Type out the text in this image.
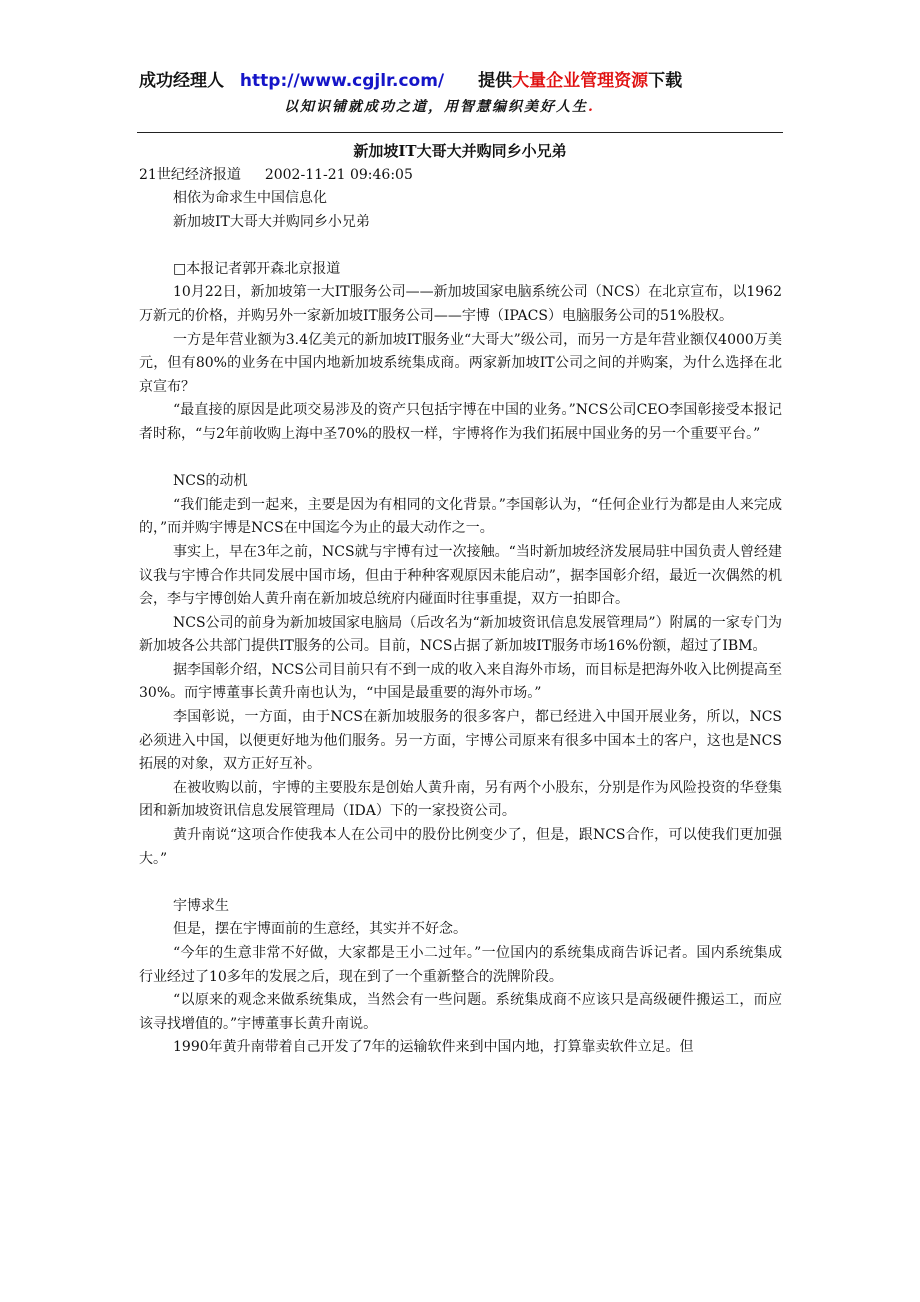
成功经理人 http://www.cgjlr.com/ 提供大量企业管理资源下载
以知识铺就成功之道，用智慧编织美好人生.
新加坡IT大哥大并购同乡小兄弟
21世纪经济报道 2002-11-21 09:46:05

相依为命求生中国信息化

新加坡IT大哥大并购同乡小兄弟

□本报记者郭开森北京报道

10月22日，新加坡第一大IT服务公司——新加坡国家电脑系统公司（NCS）在北京宣布，以1962万新元的价格，并购另外一家新加坡IT服务公司——宇博（IPACS）电脑服务公司的51%股权。

一方是年营业额为3.4亿美元的新加坡IT服务业“大哥大”级公司，而另一方是年营业额仅4000万美元，但有80%的业务在中国内地新加坡系统集成商。两家新加坡IT公司之间的并购案，为什么选择在北京宣布？

“最直接的原因是此项交易涉及的资产只包括宇博在中国的业务。”NCS公司CEO李国彰接受本报记者时称，“与2年前收购上海中圣70%的股权一样，宇博将作为我们拓展中国业务的另一个重要平台。”

NCS的动机

“我们能走到一起来，主要是因为有相同的文化背景。”李国彰认为，“任何企业行为都是由人来完成的，”而并购宇博是NCS在中国迄今为止的最大动作之一。

事实上，早在3年之前，NCS就与宇博有过一次接触。“当时新加坡经济发展局驻中国负责人曾经建议我与宇博合作共同发展中国市场，但由于种种客观原因未能启动”，据李国彰介绍，最近一次偶然的机会，李与宇博创始人黄升南在新加坡总统府内碰面时往事重提，双方一拍即合。

NCS公司的前身为新加坡国家电脑局（后改名为“新加坡资讯信息发展管理局”）附属的一家专门为新加坡各公共部门提供IT服务的公司。目前，NCS占据了新加坡IT服务市场16%份额，超过了IBM。

据李国彰介绍，NCS公司目前只有不到一成的收入来自海外市场，而目标是把海外收入比例提高至30%。而宇博董事长黄升南也认为，“中国是最重要的海外市场。”

李国彰说，一方面，由于NCS在新加坡服务的很多客户，都已经进入中国开展业务，所以，NCS必须进入中国，以便更好地为他们服务。另一方面，宇博公司原来有很多中国本土的客户，这也是NCS拓展的对象，双方正好互补。

在被收购以前，宇博的主要股东是创始人黄升南，另有两个小股东，分别是作为风险投资的华登集团和新加坡资讯信息发展管理局（IDA）下的一家投资公司。

黄升南说“这项合作使我本人在公司中的股份比例变少了，但是，跟NCS合作，可以使我们更加强大。”

宇博求生

但是，摆在宇博面前的生意经，其实并不好念。

“今年的生意非常不好做，大家都是王小二过年。”一位国内的系统集成商告诉记者。国内系统集成行业经过了10多年的发展之后，现在到了一个重新整合的洗牌阶段。

“以原来的观念来做系统集成，当然会有一些问题。系统集成商不应该只是高级硬件搬运工，而应该寻找增值的。”宇博董事长黄升南说。

1990年黄升南带着自己开发了7年的运输软件来到中国内地，打算靠卖软件立足。但
